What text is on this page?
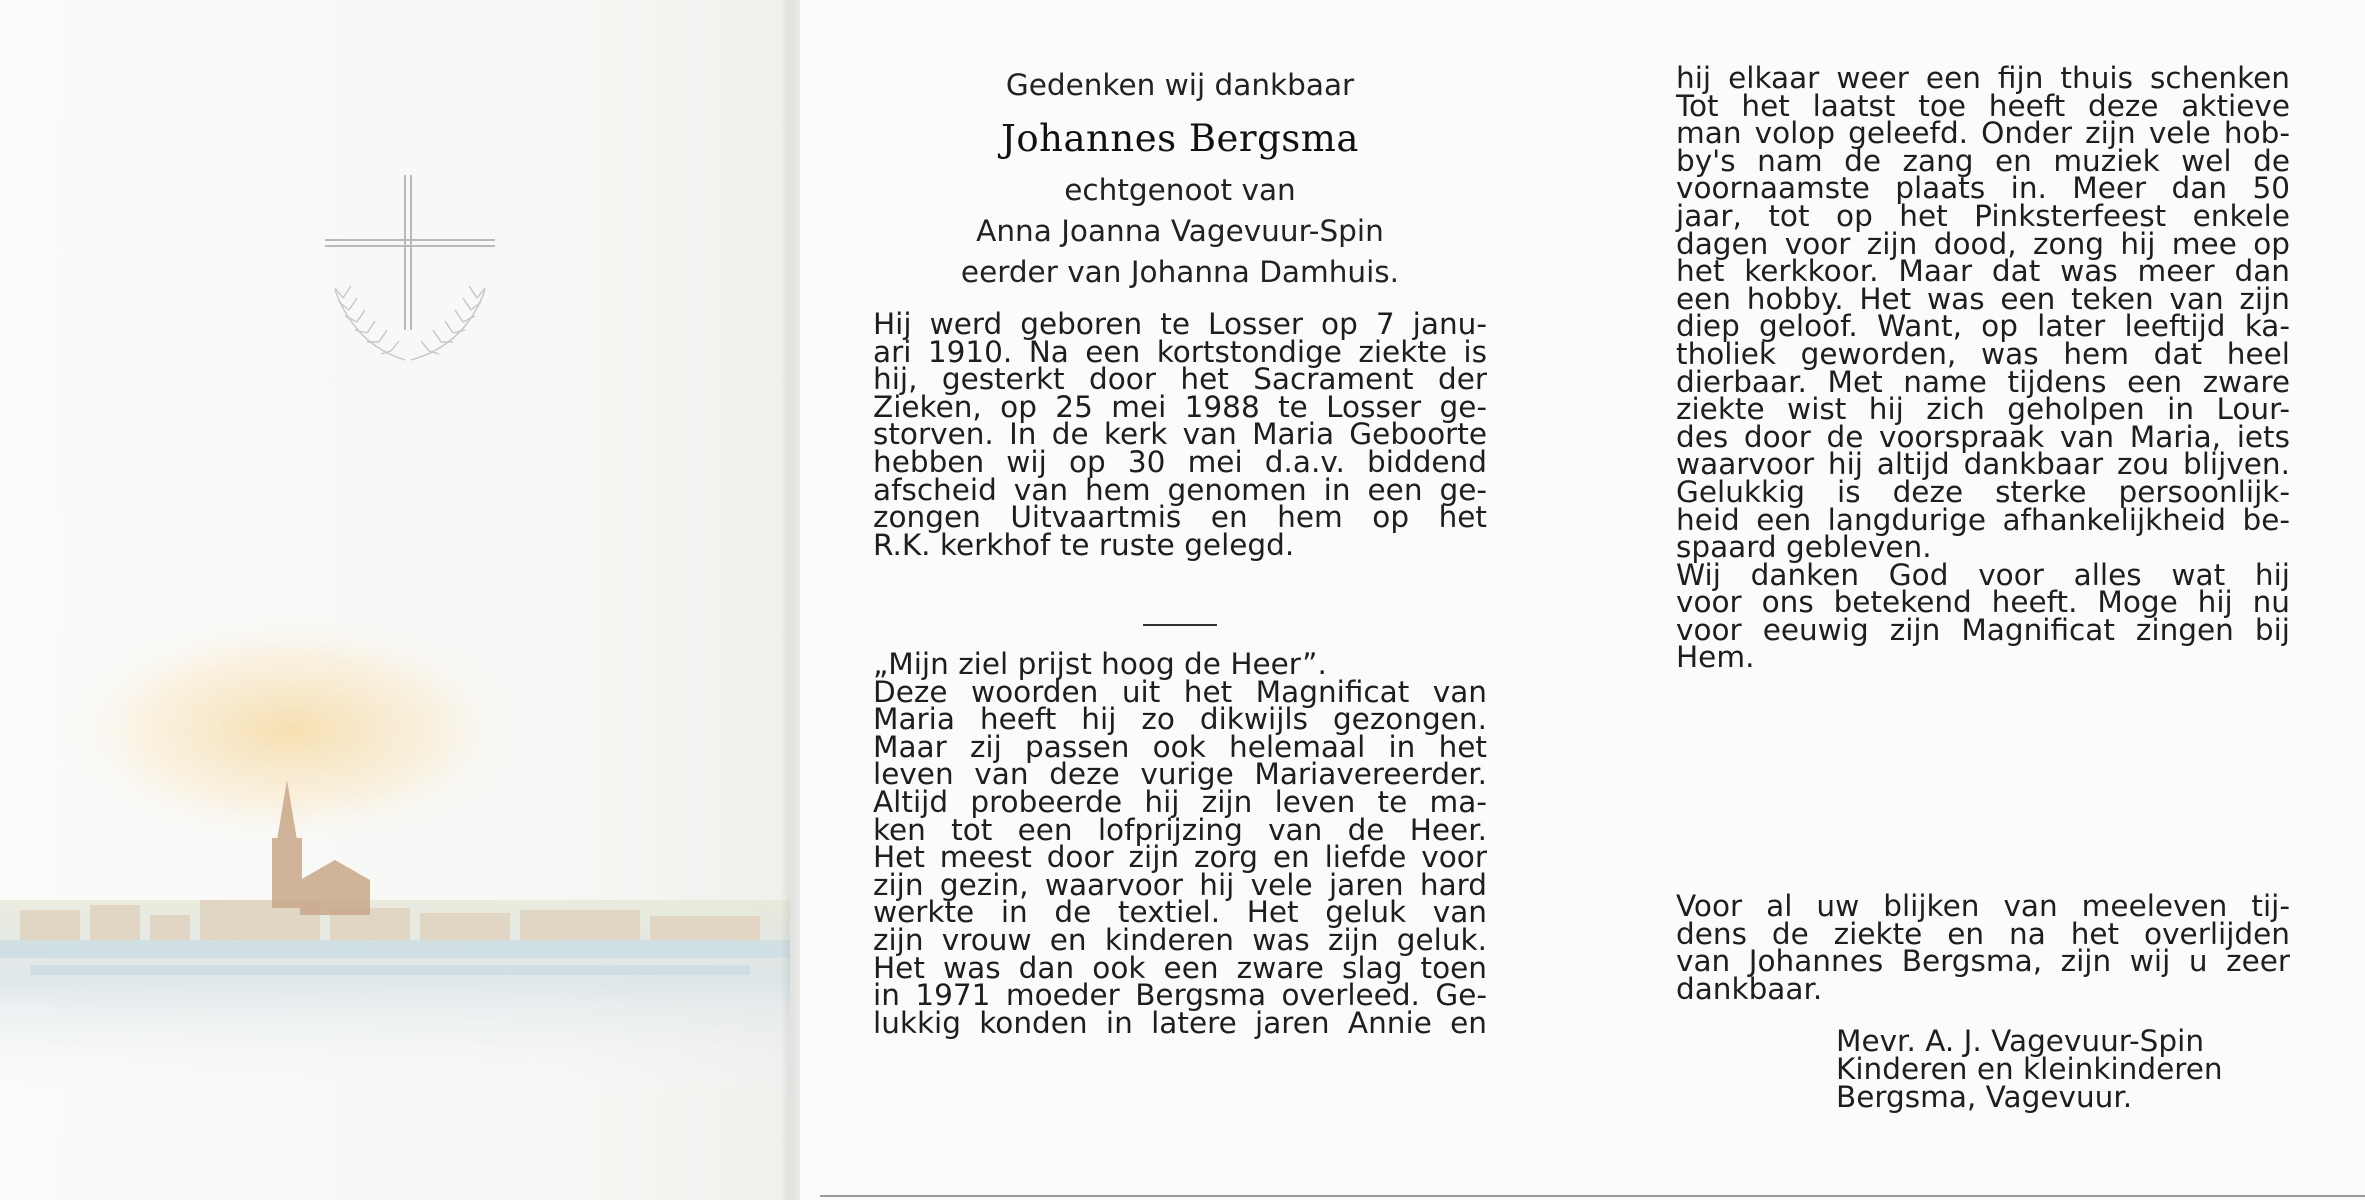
Gedenken wij dankbaar
Johannes Bergsma
echtgenoot van
Anna Joanna Vagevuur-Spin
eerder van Johanna Damhuis.
Hij werd geboren te Losser op 7 janu-
ari 1910. Na een kortstondige ziekte is
hij, gesterkt door het Sacrament der
Zieken, op 25 mei 1988 te Losser ge-
storven. In de kerk van Maria Geboorte
hebben wij op 30 mei d.a.v. biddend
afscheid van hem genomen in een ge-
zongen Uitvaartmis en hem op het
R.K. kerkhof te ruste gelegd.
„Mijn ziel prijst hoog de Heer”.
Deze woorden uit het Magnificat van
Maria heeft hij zo dikwijls gezongen.
Maar zij passen ook helemaal in het
leven van deze vurige Mariavereerder.
Altijd probeerde hij zijn leven te ma-
ken tot een lofprijzing van de Heer.
Het meest door zijn zorg en liefde voor
zijn gezin, waarvoor hij vele jaren hard
werkte in de textiel. Het geluk van
zijn vrouw en kinderen was zijn geluk.
Het was dan ook een zware slag toen
in 1971 moeder Bergsma overleed. Ge-
lukkig konden in latere jaren Annie en
hij elkaar weer een fijn thuis schenken
Tot het laatst toe heeft deze aktieve
man volop geleefd. Onder zijn vele hob-
by's nam de zang en muziek wel de
voornaamste plaats in. Meer dan 50
jaar, tot op het Pinksterfeest enkele
dagen voor zijn dood, zong hij mee op
het kerkkoor. Maar dat was meer dan
een hobby. Het was een teken van zijn
diep geloof. Want, op later leeftijd ka-
tholiek geworden, was hem dat heel
dierbaar. Met name tijdens een zware
ziekte wist hij zich geholpen in Lour-
des door de voorspraak van Maria, iets
waarvoor hij altijd dankbaar zou blijven.
Gelukkig is deze sterke persoonlijk-
heid een langdurige afhankelijkheid be-
spaard gebleven.
Wij danken God voor alles wat hij
voor ons betekend heeft. Moge hij nu
voor eeuwig zijn Magnificat zingen bij
Hem.
Voor al uw blijken van meeleven tij-
dens de ziekte en na het overlijden
van Johannes Bergsma, zijn wij u zeer
dankbaar.
Mevr. A. J. Vagevuur-Spin
Kinderen en kleinkinderen
Bergsma, Vagevuur.
